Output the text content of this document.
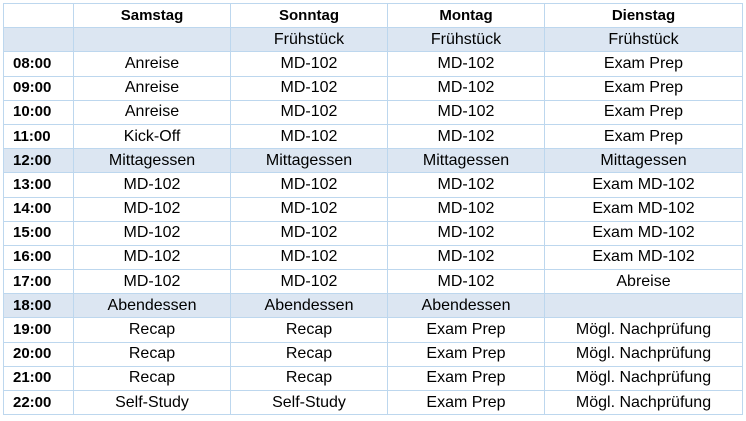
	Samstag	Sonntag	Montag	Dienstag
		Frühstück	Frühstück	Frühstück
08:00	Anreise	MD-102	MD-102	Exam Prep
09:00	Anreise	MD-102	MD-102	Exam Prep
10:00	Anreise	MD-102	MD-102	Exam Prep
11:00	Kick-Off	MD-102	MD-102	Exam Prep
12:00	Mittagessen	Mittagessen	Mittagessen	Mittagessen
13:00	MD-102	MD-102	MD-102	Exam MD-102
14:00	MD-102	MD-102	MD-102	Exam MD-102
15:00	MD-102	MD-102	MD-102	Exam MD-102
16:00	MD-102	MD-102	MD-102	Exam MD-102
17:00	MD-102	MD-102	MD-102	Abreise
18:00	Abendessen	Abendessen	Abendessen	
19:00	Recap	Recap	Exam Prep	Mögl. Nachprüfung
20:00	Recap	Recap	Exam Prep	Mögl. Nachprüfung
21:00	Recap	Recap	Exam Prep	Mögl. Nachprüfung
22:00	Self-Study	Self-Study	Exam Prep	Mögl. Nachprüfung
